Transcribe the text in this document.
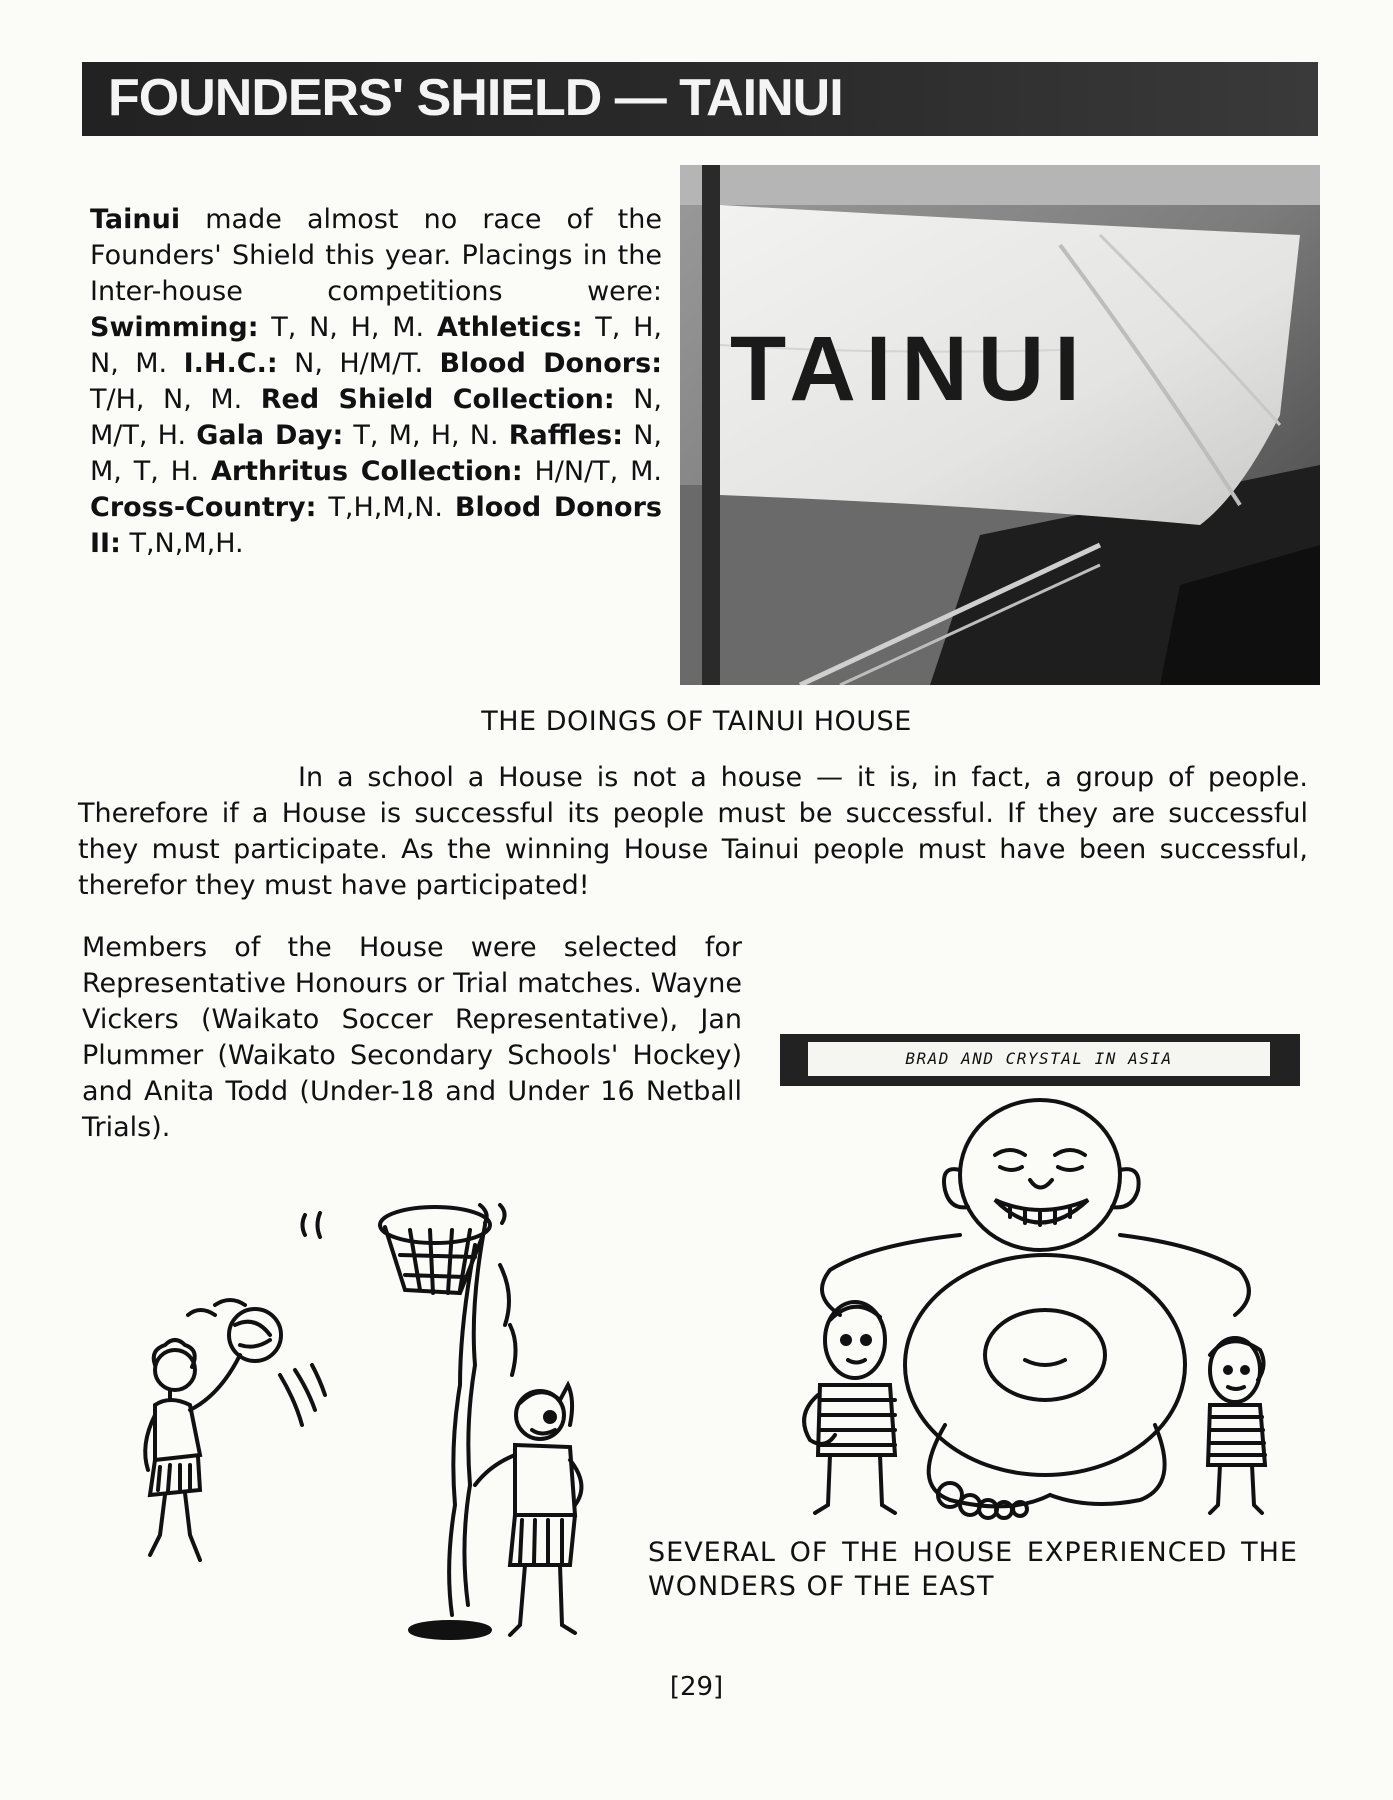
FOUNDERS' SHIELD — TAINUI
Tainui made almost no race of the Founders' Shield this year. Placings in the Inter-house competitions were: Swimming: T, N, H, M. Athletics: T, H, N, M. I.H.C.: N, H/M/T. Blood Donors: T/H, N, M. Red Shield Collection: N, M/T, H. Gala Day: T, M, H, N. Raffles: N, M, T, H. Arthritus Collection: H/N/T, M. Cross-Country: T,H,M,N. Blood Donors II: T,N,M,H.
TAINUI
THE DOINGS OF TAINUI HOUSE
In a school a House is not a house — it is, in fact, a group of people. Therefore if a House is successful its people must be successful. If they are successful they must participate. As the winning House Tainui people must have been successful, therefor they must have participated!
Members of the House were selected for Representative Honours or Trial matches. Wayne Vickers (Waikato Soccer Representative), Jan Plummer (Waikato Secondary Schools' Hockey) and Anita Todd (Under-18 and Under 16 Netball Trials).
BRAD AND CRYSTAL IN ASIA
SEVERAL OF THE HOUSE EXPERIENCED THE WONDERS OF THE EAST
[29]
